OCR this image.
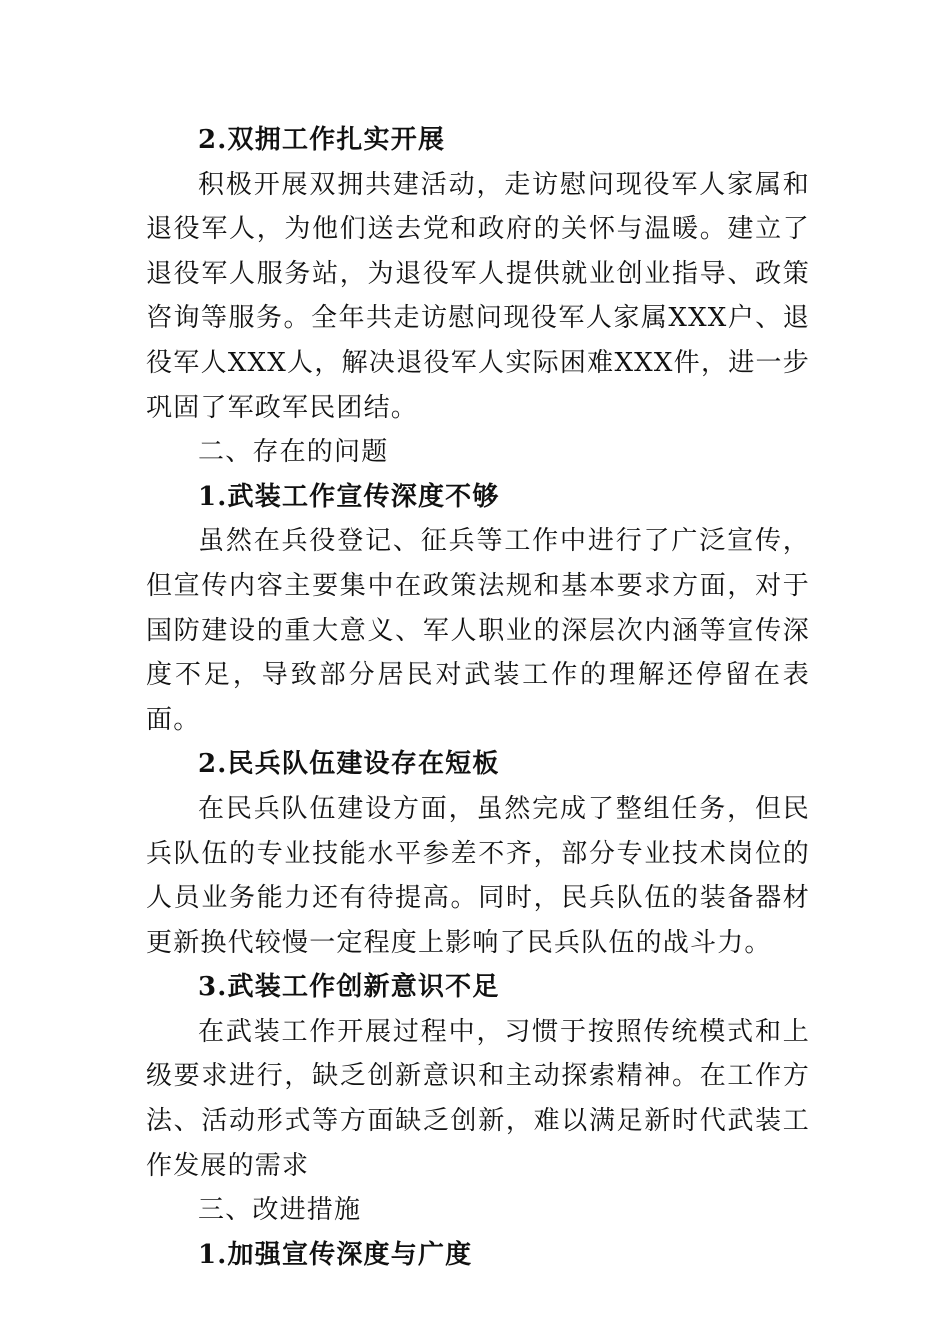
2.双拥工作扎实开展

积极开展双拥共建活动，走访慰问现役军人家属和退役军人，为他们送去党和政府的关怀与温暖。建立了退役军人服务站，为退役军人提供就业创业指导、政策咨询等服务。全年共走访慰问现役军人家属XXX户、退役军人XXX人，解决退役军人实际困难XXX件，进一步巩固了军政军民团结。

二、存在的问题

1.武装工作宣传深度不够

虽然在兵役登记、征兵等工作中进行了广泛宣传，但宣传内容主要集中在政策法规和基本要求方面，对于国防建设的重大意义、军人职业的深层次内涵等宣传深度不足，导致部分居民对武装工作的理解还停留在表面。

2.民兵队伍建设存在短板

在民兵队伍建设方面，虽然完成了整组任务，但民兵队伍的专业技能水平参差不齐，部分专业技术岗位的人员业务能力还有待提高。同时，民兵队伍的装备器材更新换代较慢一定程度上影响了民兵队伍的战斗力。

3.武装工作创新意识不足

在武装工作开展过程中，习惯于按照传统模式和上级要求进行，缺乏创新意识和主动探索精神。在工作方法、活动形式等方面缺乏创新，难以满足新时代武装工作发展的需求

三、改进措施

1.加强宣传深度与广度
